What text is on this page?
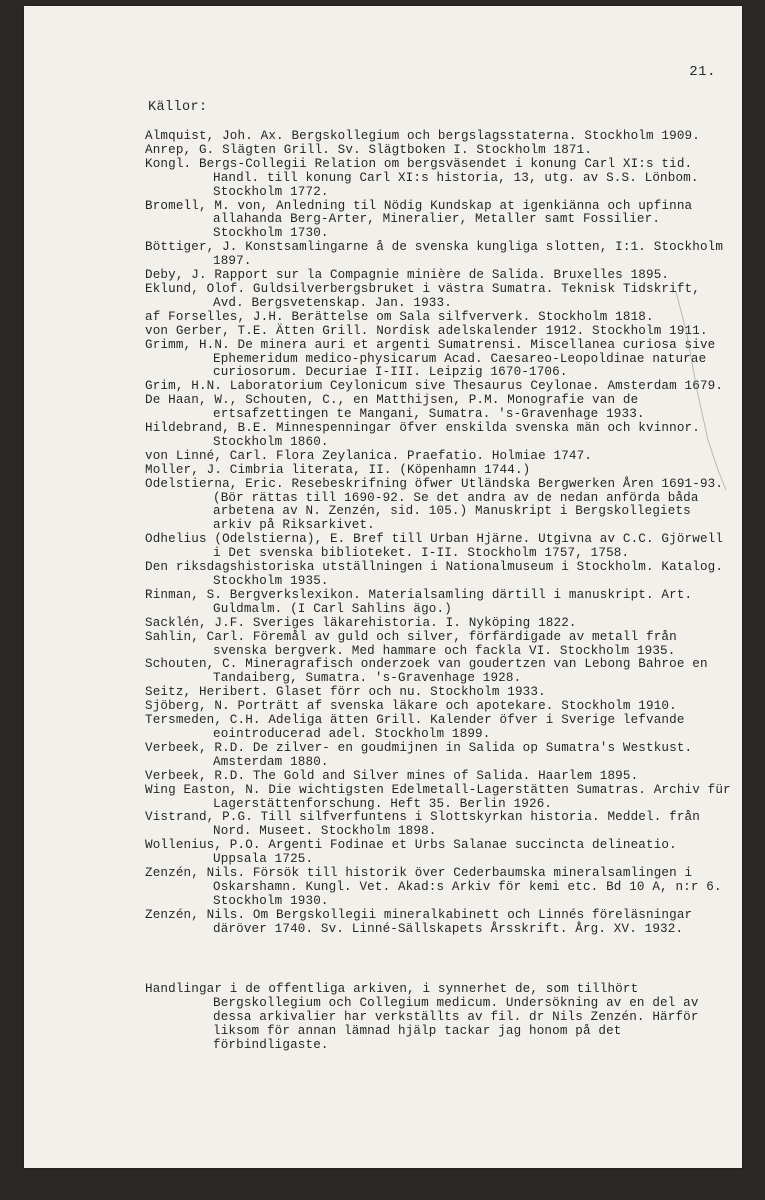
21.
Källor:
Almquist, Joh. Ax. Bergskollegium och bergslagsstaterna. Stockholm 1909.
Anrep, G. Slägten Grill. Sv. Slägtboken I. Stockholm 1871.
Kongl. Bergs-Collegii Relation om bergsväsendet i konung Carl XI:s tid. Handl. till konung Carl XI:s historia, 13, utg. av S.S. Lönbom. Stockholm 1772.
Bromell, M. von, Anledning til Nödig Kundskap at igenkiänna och upfinna allahanda Berg-Arter, Mineralier, Metaller samt Fossilier. Stockholm 1730.
Böttiger, J. Konstsamlingarne å de svenska kungliga slotten, I:1. Stockholm 1897.
Deby, J. Rapport sur la Compagnie minière de Salida. Bruxelles 1895.
Eklund, Olof. Guldsilverbergsbruket i västra Sumatra. Teknisk Tidskrift, Avd. Bergsvetenskap. Jan. 1933.
af Forselles, J.H. Berättelse om Sala silfververk. Stockholm 1818.
von Gerber, T.E. Ätten Grill. Nordisk adelskalender 1912. Stockholm 1911.
Grimm, H.N. De minera auri et argenti Sumatrensi. Miscellanea curiosa sive Ephemeridum medico-physicarum Acad. Caesareo-Leopoldinae naturae curiosorum. Decuriae I-III. Leipzig 1670-1706.
Grim, H.N. Laboratorium Ceylonicum sive Thesaurus Ceylonae. Amsterdam 1679.
De Haan, W., Schouten, C., en Matthijsen, P.M. Monografie van de ertsafzettingen te Mangani, Sumatra. 's-Gravenhage 1933.
Hildebrand, B.E. Minnespenningar öfver enskilda svenska män och kvinnor. Stockholm 1860.
von Linné, Carl. Flora Zeylanica. Praefatio. Holmiae 1747.
Moller, J. Cimbria literata, II. (Köpenhamn 1744.)
Odelstierna, Eric. Resebeskrifning öfwer Utländska Bergwerken Åren 1691-93. (Bör rättas till 1690-92. Se det andra av de nedan anförda båda arbetena av N. Zenzén, sid. 105.) Manuskript i Bergskollegiets arkiv på Riksarkivet.
Odhelius (Odelstierna), E. Bref till Urban Hjärne. Utgivna av C.C. Gjörwell i Det svenska biblioteket. I-II. Stockholm 1757, 1758.
Den riksdagshistoriska utställningen i Nationalmuseum i Stockholm. Katalog. Stockholm 1935.
Rinman, S. Bergverkslexikon. Materialsamling därtill i manuskript. Art. Guldmalm. (I Carl Sahlins ägo.)
Sacklén, J.F. Sveriges läkarehistoria. I. Nyköping 1822.
Sahlin, Carl. Föremål av guld och silver, förfärdigade av metall från svenska bergverk. Med hammare och fackla VI. Stockholm 1935.
Schouten, C. Mineragrafisch onderzoek van goudertzen van Lebong Bahroe en Tandaiberg, Sumatra. 's-Gravenhage 1928.
Seitz, Heribert. Glaset förr och nu. Stockholm 1933.
Sjöberg, N. Porträtt af svenska läkare och apotekare. Stockholm 1910.
Tersmeden, C.H. Adeliga ätten Grill. Kalender öfver i Sverige lefvande eointroducerad adel. Stockholm 1899.
Verbeek, R.D. De zilver- en goudmijnen in Salida op Sumatra's Westkust. Amsterdam 1880.
Verbeek, R.D. The Gold and Silver mines of Salida. Haarlem 1895.
Wing Easton, N. Die wichtigsten Edelmetall-Lagerstätten Sumatras. Archiv für Lagerstättenforschung. Heft 35. Berlin 1926.
Vistrand, P.G. Till silfverfuntens i Slottskyrkan historia. Meddel. från Nord. Museet. Stockholm 1898.
Wollenius, P.O. Argenti Fodinae et Urbs Salanae succincta delineatio. Uppsala 1725.
Zenzén, Nils. Försök till historik över Cederbaumska mineralsamlingen i Oskarshamn. Kungl. Vet. Akad:s Arkiv för kemi etc. Bd 10 A, n:r 6. Stockholm 1930.
Zenzén, Nils. Om Bergskollegii mineralkabinett och Linnés föreläsningar däröver 1740. Sv. Linné-Sällskapets Årsskrift. Årg. XV. 1932.
Handlingar i de offentliga arkiven, i synnerhet de, som tillhört Bergskollegium och Collegium medicum. Undersökning av en del av dessa arkivalier har verkställts av fil. dr Nils Zenzén. Härför liksom för annan lämnad hjälp tackar jag honom på det förbindligaste.
